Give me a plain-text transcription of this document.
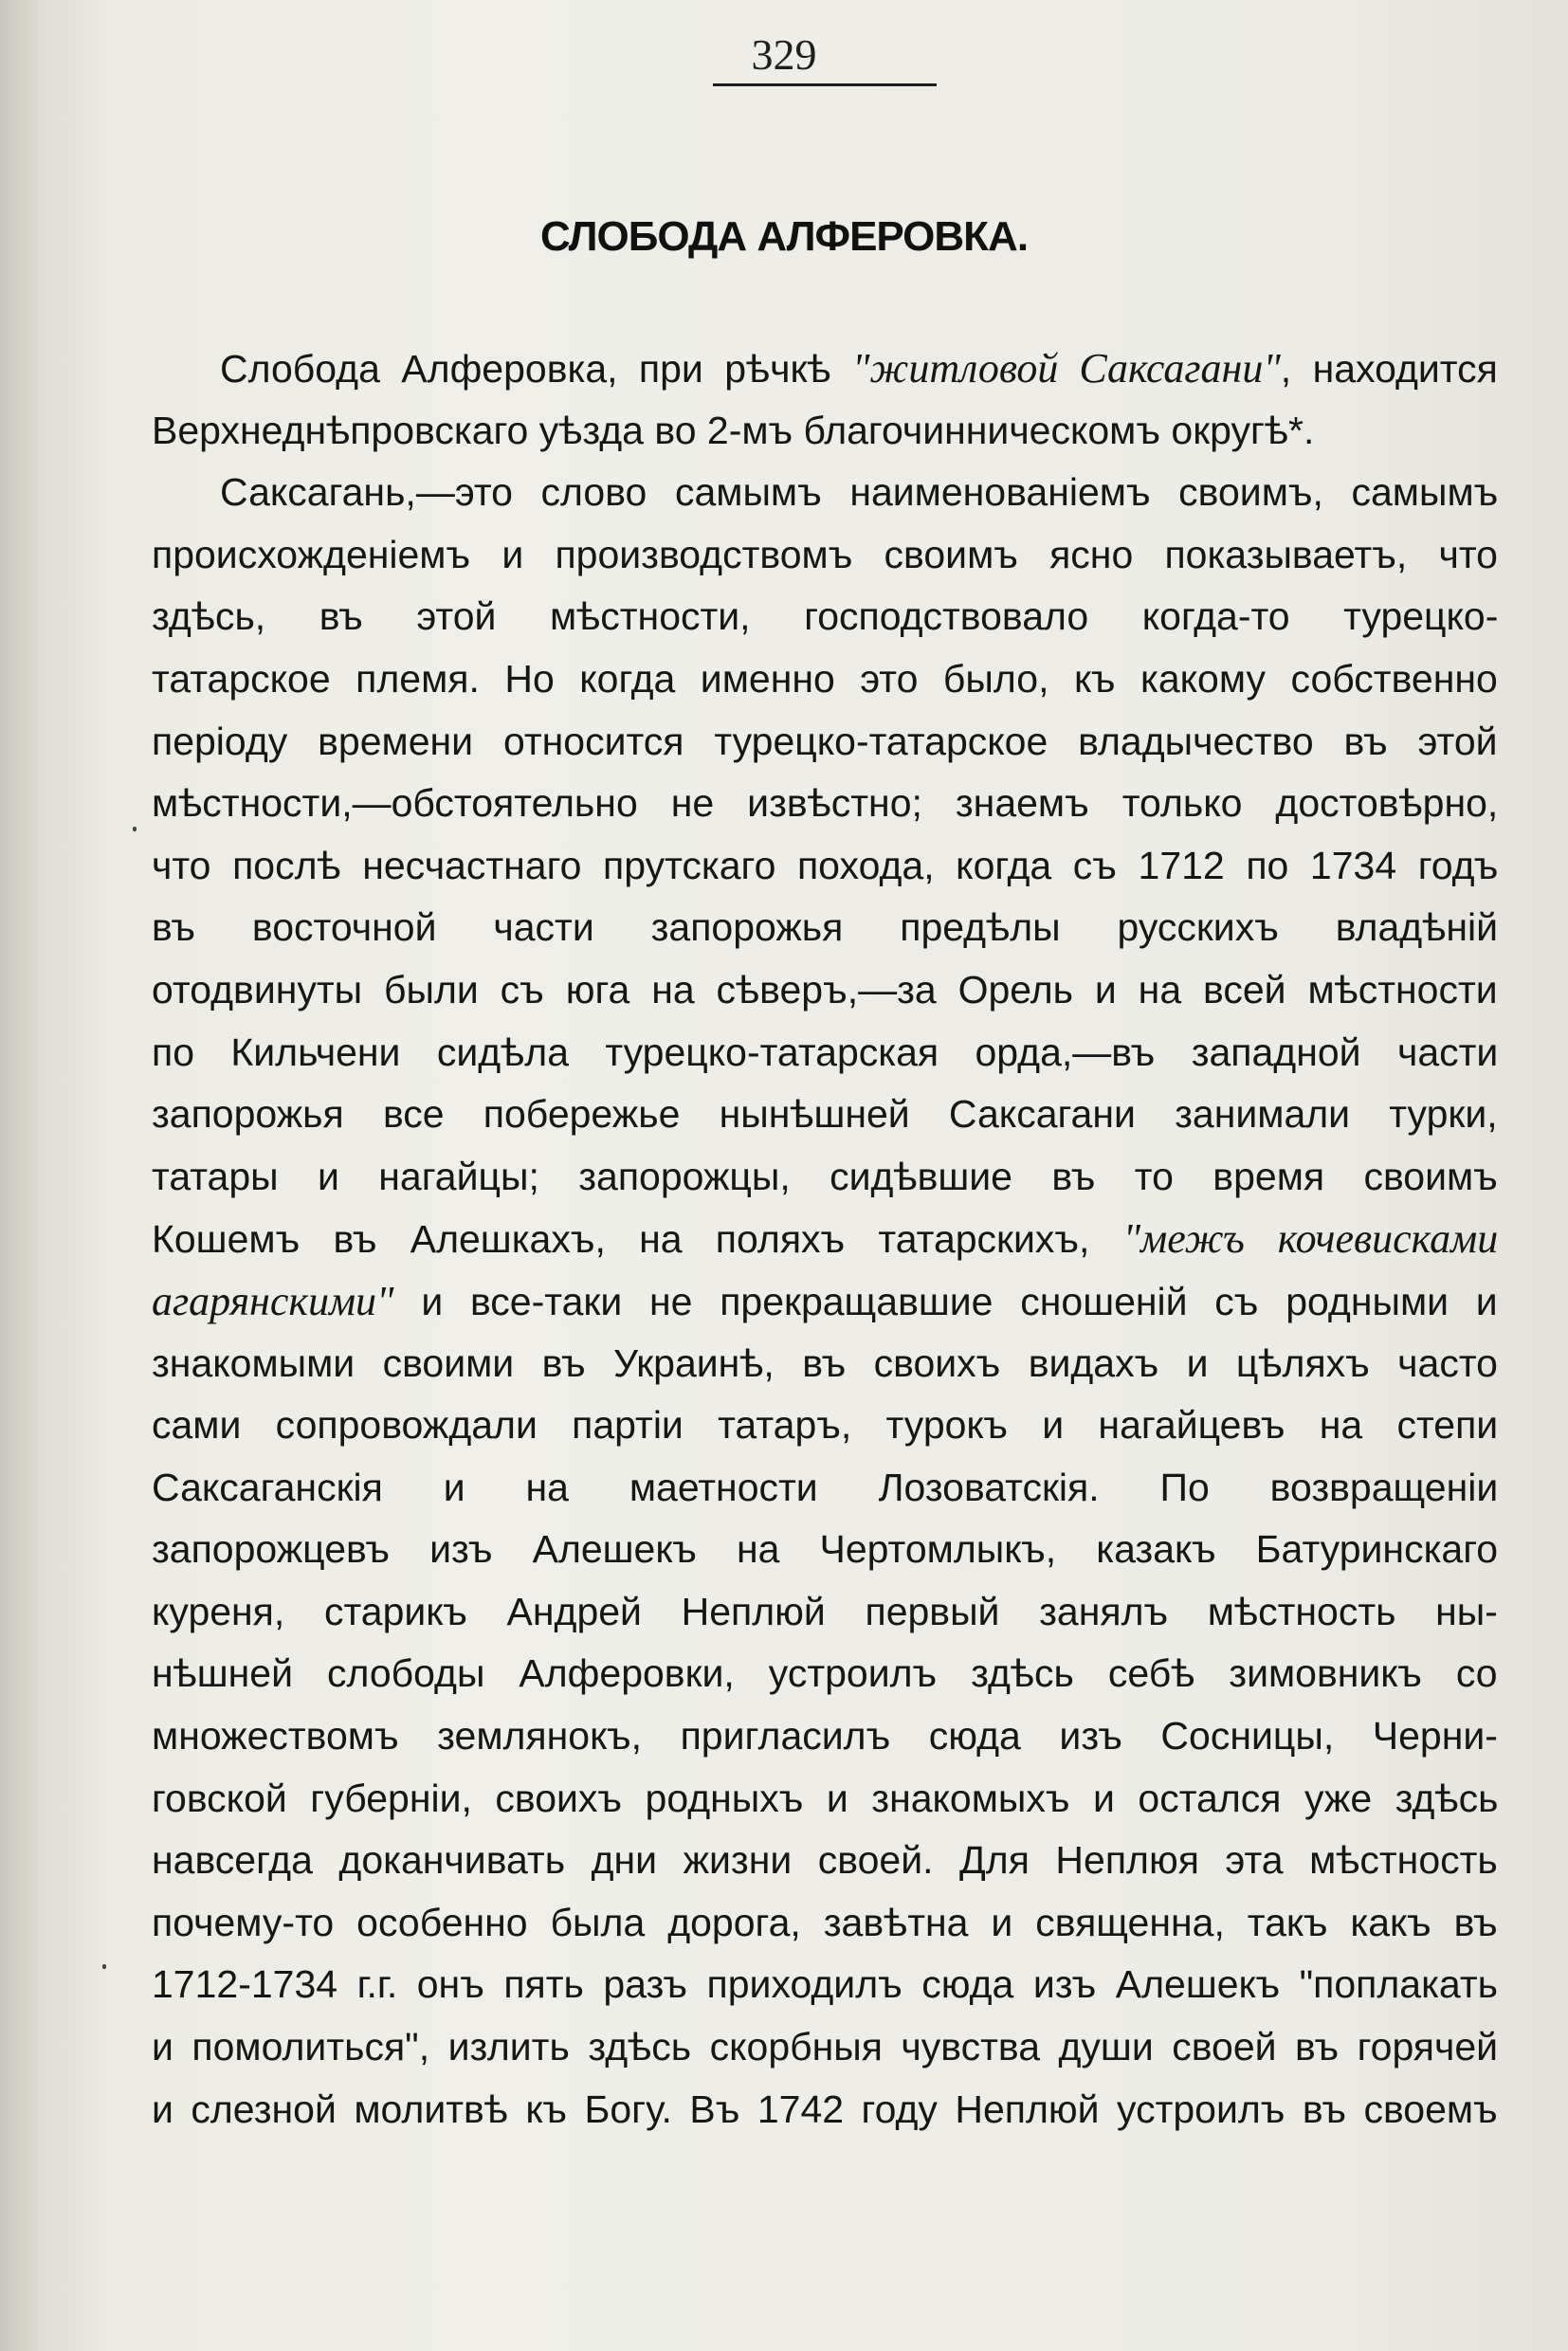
329
СЛОБОДА АЛФЕРОВКА.
Слобода Алферовка, при рѣчкѣ "житловой Саксагани", находится
Верхнеднѣпровскаго уѣзда во 2-мъ благочинническомъ округѣ*.
Саксагань,—это слово самымъ наименованіемъ своимъ, самымъ
происхожденіемъ и производствомъ своимъ ясно показываетъ, что
здѣсь, въ этой мѣстности, господствовало когда-то турецко-
татарское племя. Но когда именно это было, къ какому собственно
періоду времени относится турецко-татарское владычество въ этой
мѣстности,—обстоятельно не извѣстно; знаемъ только достовѣрно,
что послѣ несчастнаго прутскаго похода, когда съ 1712 по 1734 годъ
въ восточной части запорожья предѣлы русскихъ владѣній
отодвинуты были съ юга на сѣверъ,—за Орель и на всей мѣстности
по Кильчени сидѣла турецко-татарская орда,—въ западной части
запорожья все побережье нынѣшней Саксагани занимали турки,
татары и нагайцы; запорожцы, сидѣвшие въ то время своимъ
Кошемъ въ Алешкахъ, на поляхъ татарскихъ, "межъ кочевисками
агарянскими" и все-таки не прекращавшие сношеній съ родными и
знакомыми своими въ Украинѣ, въ своихъ видахъ и цѣляхъ часто
сами сопровождали партіи татаръ, турокъ и нагайцевъ на степи
Саксаганскія и на маетности Лозоватскія. По возвращеніи
запорожцевъ изъ Алешекъ на Чертомлыкъ, казакъ Батуринскаго
куреня, старикъ Андрей Неплюй первый занялъ мѣстность ны-
нѣшней слободы Алферовки, устроилъ здѣсь себѣ зимовникъ со
множествомъ землянокъ, пригласилъ сюда изъ Сосницы, Черни-
говской губерніи, своихъ родныхъ и знакомыхъ и остался уже здѣсь
навсегда доканчивать дни жизни своей. Для Неплюя эта мѣстность
почему-то особенно была дорога, завѣтна и священна, такъ какъ въ
1712-1734 г.г. онъ пять разъ приходилъ сюда изъ Алешекъ "поплакать
и помолиться", излить здѣсь скорбныя чувства души своей въ горячей
и слезной молитвѣ къ Богу. Въ 1742 году Неплюй устроилъ въ своемъ
